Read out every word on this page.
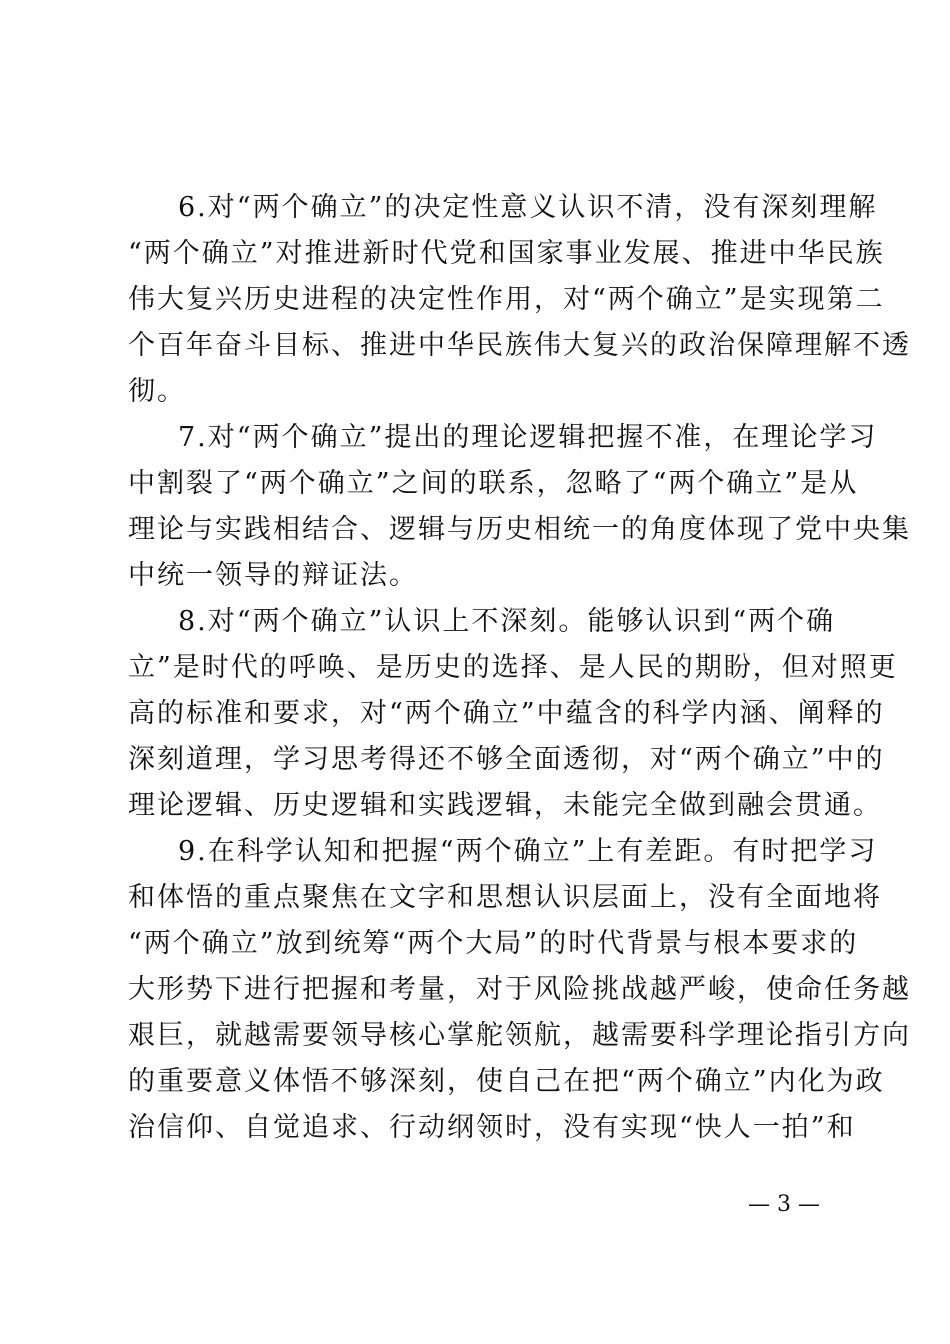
6.对“两个确立”的决定性意义认识不清，没有深刻理解
“两个确立”对推进新时代党和国家事业发展、推进中华民族
伟大复兴历史进程的决定性作用，对“两个确立”是实现第二
个百年奋斗目标、推进中华民族伟大复兴的政治保障理解不透
彻。
7.对“两个确立”提出的理论逻辑把握不准，在理论学习
中割裂了“两个确立”之间的联系，忽略了“两个确立”是从
理论与实践相结合、逻辑与历史相统一的角度体现了党中央集
中统一领导的辩证法。
8.对“两个确立”认识上不深刻。能够认识到“两个确
立”是时代的呼唤、是历史的选择、是人民的期盼，但对照更
高的标准和要求，对“两个确立”中蕴含的科学内涵、阐释的
深刻道理，学习思考得还不够全面透彻，对“两个确立”中的
理论逻辑、历史逻辑和实践逻辑，未能完全做到融会贯通。
9.在科学认知和把握“两个确立”上有差距。有时把学习
和体悟的重点聚焦在文字和思想认识层面上，没有全面地将
“两个确立”放到统筹“两个大局”的时代背景与根本要求的
大形势下进行把握和考量，对于风险挑战越严峻，使命任务越
艰巨，就越需要领导核心掌舵领航，越需要科学理论指引方向
的重要意义体悟不够深刻，使自己在把“两个确立”内化为政
治信仰、自觉追求、行动纲领时，没有实现“快人一拍”和
— 3 —
